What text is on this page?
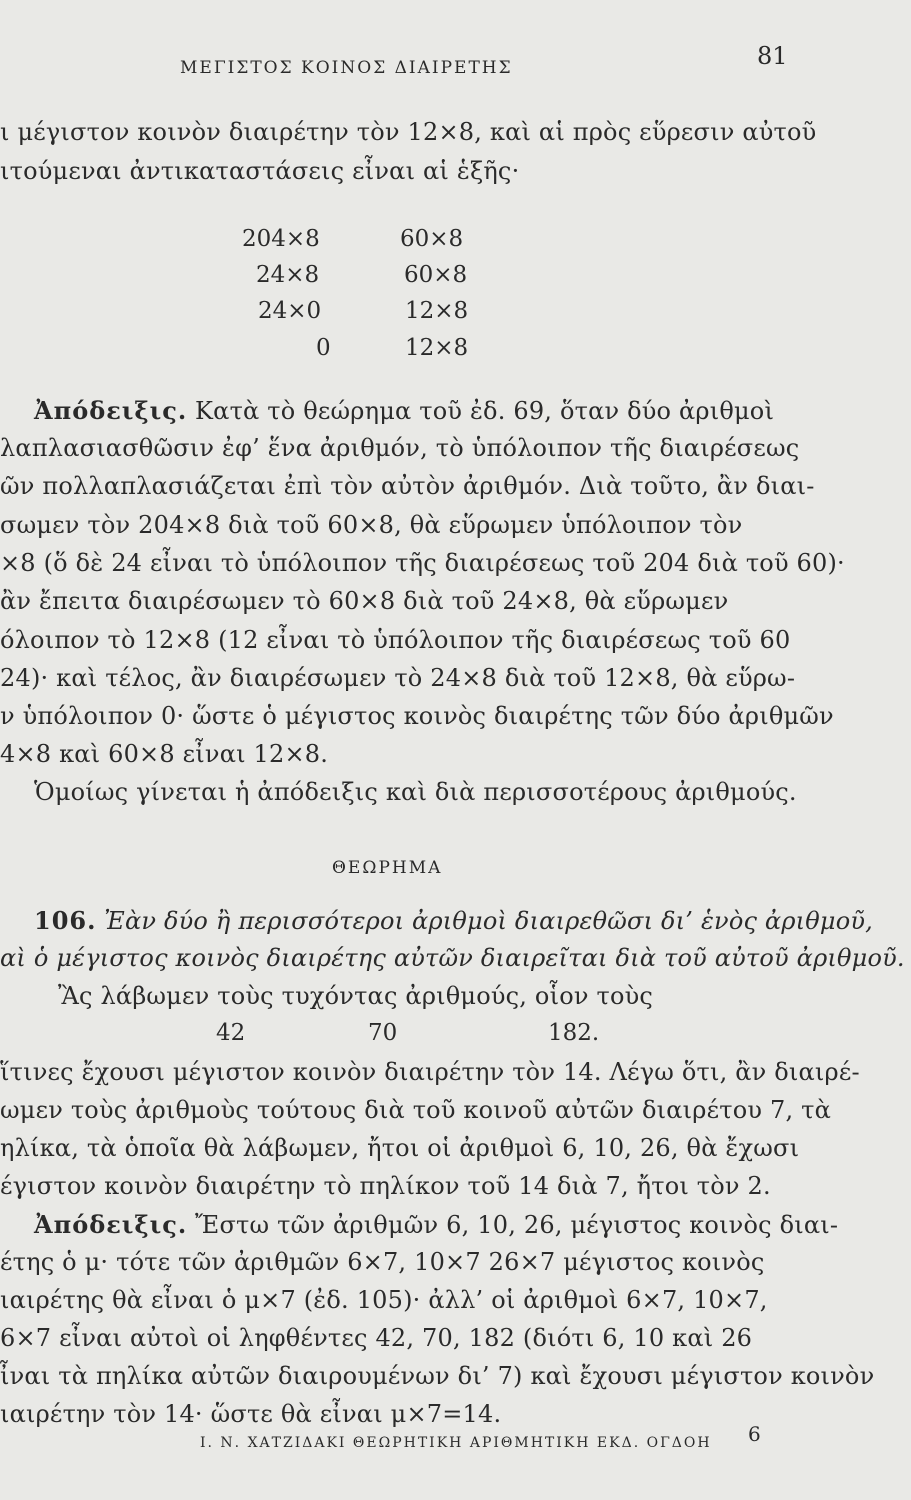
ΜΕΓΙΣΤΟΣ ΚΟΙΝΟΣ ΔΙΑΙΡΕΤΗΣ	81
ι μέγιστον κοινὸν διαιρέτην τὸν 12×8, καὶ αἱ πρὸς εὕρεσιν αὐτοῦ
ιτούμεναι ἀντικαταστάσεις εἶναι αἱ ἑξῆς·
204×8	60×8
24×8	60×8
24×0	12×8
0	12×8
Ἀπόδειξις. Κατὰ τὸ θεώρημα τοῦ ἐδ. 69, ὅταν δύο ἀριθμοὶ
λαπλασιασθῶσιν ἐφ’ ἕνα ἀριθμόν, τὸ ὑπόλοιπον τῆς διαιρέσεως
ῶν πολλαπλασιάζεται ἐπὶ τὸν αὐτὸν ἀριθμόν. Διὰ τοῦτο, ἂν διαι-
σωμεν τὸν 204×8 διὰ τοῦ 60×8, θὰ εὕρωμεν ὑπόλοιπον τὸν
×8 (ὅ δὲ 24 εἶναι τὸ ὑπόλοιπον τῆς διαιρέσεως τοῦ 204 διὰ τοῦ 60)·
ἂν ἔπειτα διαιρέσωμεν τὸ 60×8 διὰ τοῦ 24×8, θὰ εὕρωμεν
όλοιπον τὸ 12×8 (12 εἶναι τὸ ὑπόλοιπον τῆς διαιρέσεως τοῦ 60
24)· καὶ τέλος, ἂν διαιρέσωμεν τὸ 24×8 διὰ τοῦ 12×8, θὰ εὕρω-
ν ὑπόλοιπον 0· ὥστε ὁ μέγιστος κοινὸς διαιρέτης τῶν δύο ἀριθμῶν
4×8 καὶ 60×8 εἶναι 12×8.
Ὁμοίως γίνεται ἡ ἀπόδειξις καὶ διὰ περισσοτέρους ἀριθμούς.
ΘΕΩΡΗΜΑ
106. Ἐὰν δύο ἢ περισσότεροι ἀριθμοὶ διαιρεθῶσι δι’ ἑνὸς ἀριθμοῦ,
αὶ ὁ μέγιστος κοινὸς διαιρέτης αὐτῶν διαιρεῖται διὰ τοῦ αὐτοῦ ἀριθμοῦ.
Ἂς λάβωμεν τοὺς τυχόντας ἀριθμούς, οἷον τοὺς
42	70	182.
ἵτινες ἔχουσι μέγιστον κοινὸν διαιρέτην τὸν 14. Λέγω ὅτι, ἂν διαιρέ-
ωμεν τοὺς ἀριθμοὺς τούτους διὰ τοῦ κοινοῦ αὐτῶν διαιρέτου 7, τὰ
ηλίκα, τὰ ὁποῖα θὰ λάβωμεν, ἤτοι οἱ ἀριθμοὶ 6, 10, 26, θὰ ἔχωσι
έγιστον κοινὸν διαιρέτην τὸ πηλίκον τοῦ 14 διὰ 7, ἤτοι τὸν 2.
Ἀπόδειξις. Ἔστω τῶν ἀριθμῶν 6, 10, 26, μέγιστος κοινὸς διαι-
έτης ὁ μ· τότε τῶν ἀριθμῶν 6×7, 10×7 26×7 μέγιστος κοινὸς
ιαιρέτης θὰ εἶναι ὁ μ×7 (ἐδ. 105)· ἀλλ’ οἱ ἀριθμοὶ 6×7, 10×7,
6×7 εἶναι αὐτοὶ οἱ ληφθέντες 42, 70, 182 (διότι 6, 10 καὶ 26
ἶναι τὰ πηλίκα αὐτῶν διαιρουμένων δι’ 7) καὶ ἔχουσι μέγιστον κοινὸν
ιαιρέτην τὸν 14· ὥστε θὰ εἶναι μ×7=14.
Ι. Ν. ΧΑΤΖΙΔΑΚΙ ΘΕΩΡΗΤΙΚΗ ΑΡΙΘΜΗΤΙΚΗ ΕΚΔ. ΟΓΔΟΗ 6
